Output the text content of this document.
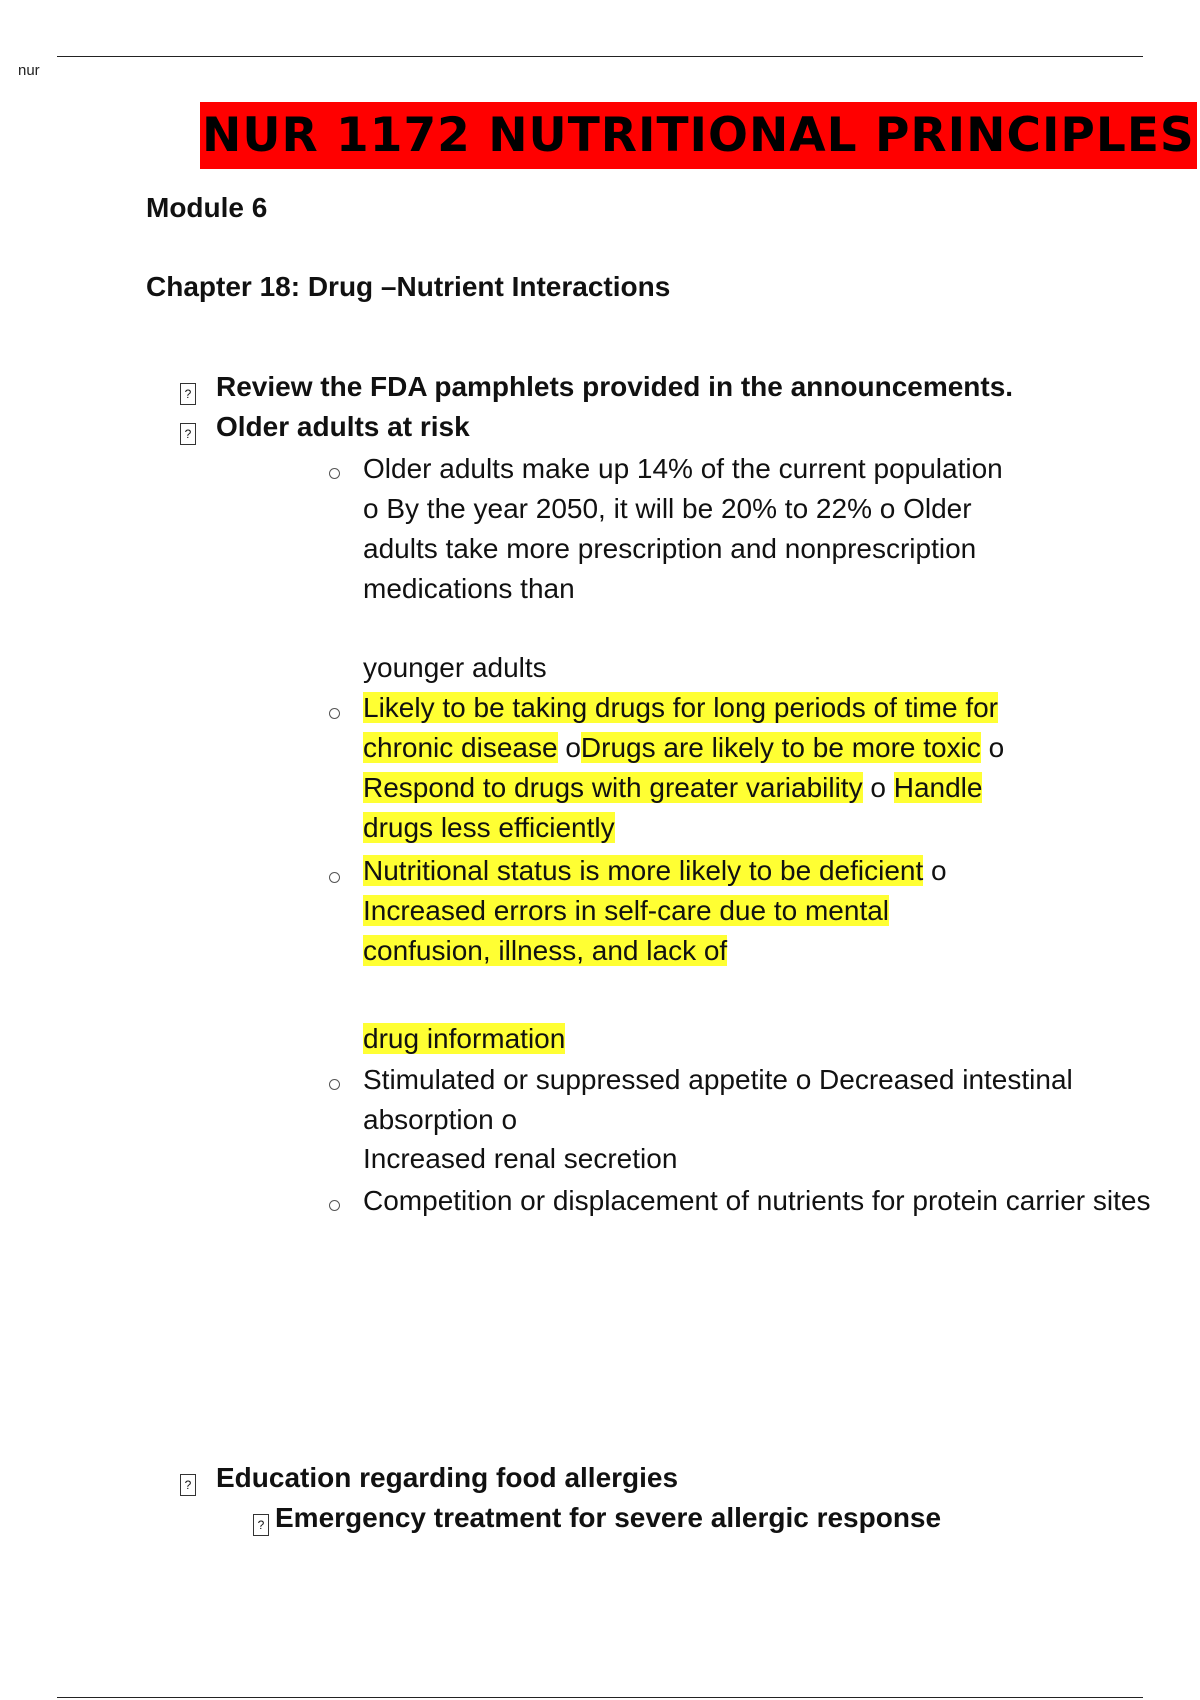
nur
NUR 1172 NUTRITIONAL PRINCIPLES
Module 6
Chapter 18: Drug –Nutrient Interactions
? Review the FDA pamphlets provided in the announcements.
? Older adults at risk
Older adults make up 14% of the current population
o By the year 2050, it will be 20% to 22% o Older
adults take more prescription and nonprescription
medications than
younger adults
Likely to be taking drugs for long periods of time for
chronic disease oDrugs are likely to be more toxic o
Respond to drugs with greater variability o Handle
drugs less efficiently
Nutritional status is more likely to be deficient o
Increased errors in self-care due to mental
confusion, illness, and lack of
drug information
Stimulated or suppressed appetite o Decreased intestinal
absorption o
Increased renal secretion
Competition or displacement of nutrients for protein carrier sites
? Education regarding food allergies
? Emergency treatment for severe allergic response
